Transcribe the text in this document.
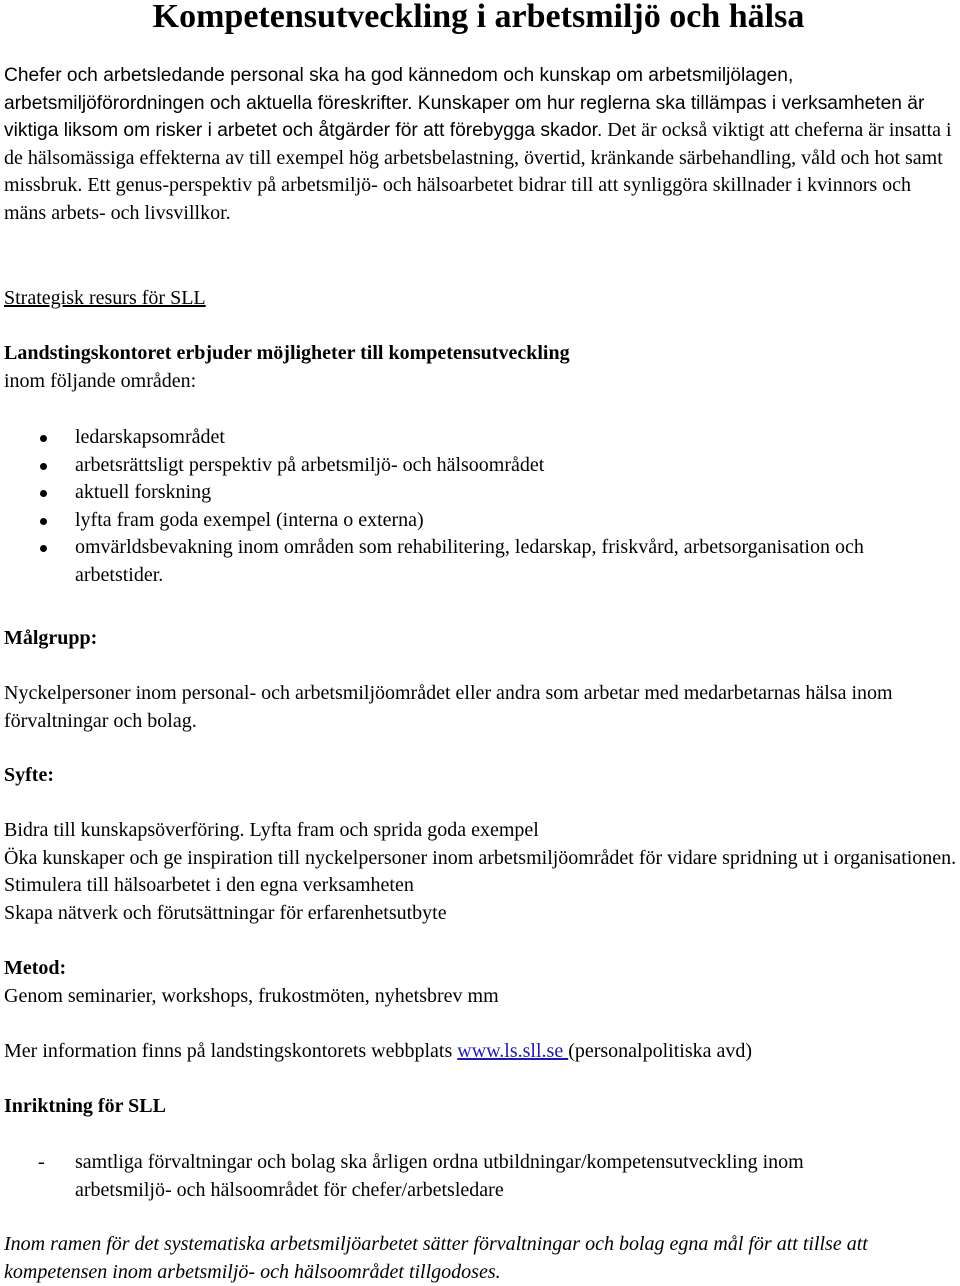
Kompetensutveckling i arbetsmiljö och hälsa
Chefer och arbetsledande personal ska ha god kännedom och kunskap om arbetsmiljölagen, arbetsmiljöförordningen och aktuella föreskrifter. Kunskaper om hur reglerna ska tillämpas i verksamheten är viktiga liksom om risker i arbetet och åtgärder för att förebygga skador. Det är också viktigt att cheferna är insatta i de hälsomässiga effekterna av till exempel hög arbetsbelastning, övertid, kränkande särbehandling, våld och hot samt missbruk. Ett genus-perspektiv på arbetsmiljö- och hälsoarbetet bidrar till att synliggöra skillnader i kvinnors och mäns arbets- och livsvillkor.

Strategisk resurs för SLL

Landstingskontoret erbjuder möjligheter till kompetensutveckling

inom följande områden:

ledarskapsområdet
arbetsrättsligt perspektiv på arbetsmiljö- och hälsoområdet
aktuell forskning
lyfta fram goda exempel (interna o externa)
omvärldsbevakning inom områden som rehabilitering, ledarskap, friskvård, arbetsorganisation och arbetstider.

Målgrupp:

Nyckelpersoner inom personal- och arbetsmiljöområdet eller andra som arbetar med medarbetarnas hälsa inom förvaltningar och bolag.

Syfte:

Bidra till kunskapsöverföring. Lyfta fram och sprida goda exempel

Öka kunskaper och ge inspiration till nyckelpersoner inom arbetsmiljöområdet för vidare spridning ut i organisationen. Stimulera till hälsoarbetet i den egna verksamheten

Skapa nätverk och förutsättningar för erfarenhetsutbyte

Metod:

Genom seminarier, workshops, frukostmöten, nyhetsbrev mm

Mer information finns på landstingskontorets webbplats www.ls.sll.se (personalpolitiska avd)

Inriktning för SLL

- samtliga förvaltningar och bolag ska årligen ordna utbildningar/kompetensutveckling inom arbetsmiljö- och hälsoområdet för chefer/arbetsledare

Inom ramen för det systematiska arbetsmiljöarbetet sätter förvaltningar och bolag egna mål för att tillse att kompetensen inom arbetsmiljö- och hälsoområdet tillgodoses.
